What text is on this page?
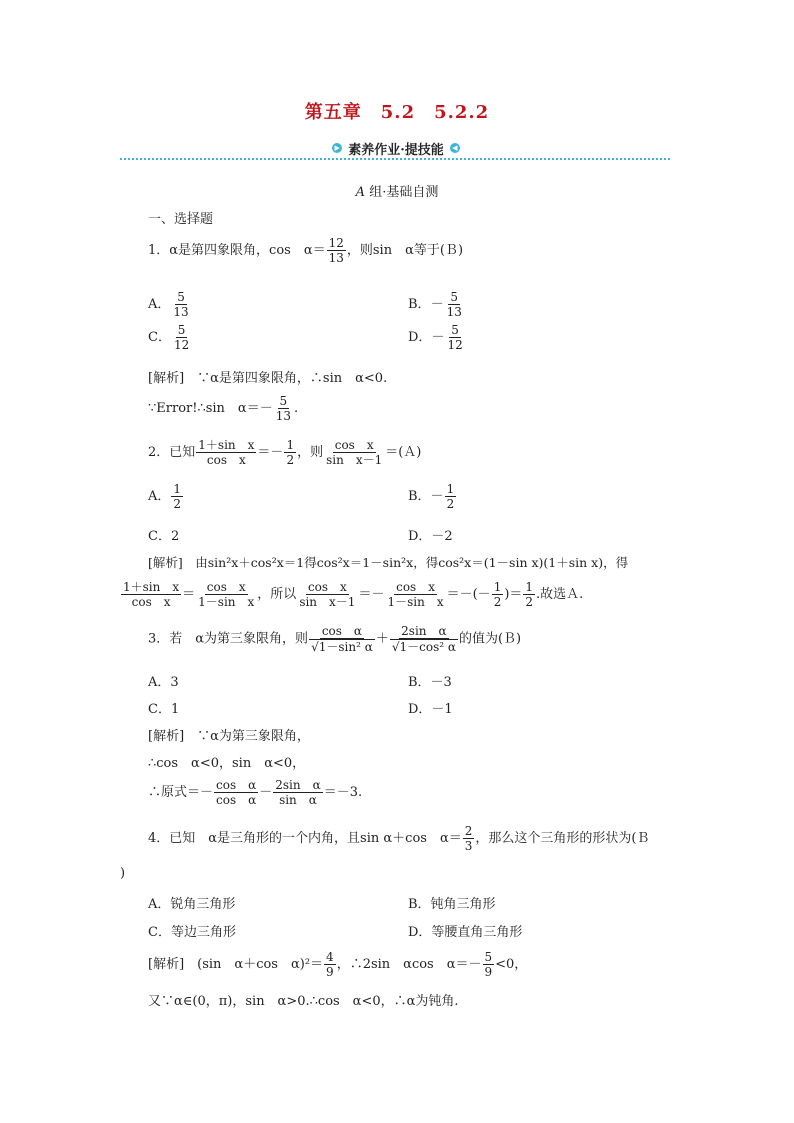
第五章　5.2　5.2.2
▶ 素养作业·提技能	◀
A 组·基础自测
一、选择题
1．α是第四象限角，cos　$\alpha= \frac{12}{13}$ ，则sin　α等于(Ｂ)
A． $\frac{5}{13}$	B．－ $\frac{5}{13}$
C． $\frac{5}{12}$	D．－ $\frac{5}{12}$
[解析]　∵α是第四象限角，∴sin　α<0.
∵Error!∴sin　$\alpha=- \frac{5}{13}$ .
2．已知 $\frac{\text{1＋sin　x}}{\text{cos　x}} =- \frac{1}{2}$ ，则 $\frac{\text{cos　x}}{\text{sin　x－1}}$ ＝(Ａ)
A． $\frac{1}{2}$	B．－ $\frac{1}{2}$
C．2	D．－2
[解析]　由sin²x＋cos²x＝1得cos²x＝1－sin²x，得cos²x＝(1－sin x)(1＋sin x)，得
$\frac{\text{1＋sin　x}}{\text{cos　x}} = \frac{\text{cos　x}}{\text{1－sin　x}}$ ，所以 $\frac{\text{cos　x}}{\text{sin　x－1}} =- \frac{\text{cos　x}}{\text{1－sin　x}}$ ＝－(－ $\frac{1}{2}$ )＝ $\frac{1}{2}$ .故选Ａ.
3．若　α为第三象限角，则 $\frac{\text{cos　α}}{\text{√1－sin² α}} + \frac{\text{2sin　α}}{\text{√1－cos² α}}$ 的值为(Ｂ)
A．3	B．－3
C．1	D．－1
[解析]　∵α为第三象限角，
∴cos　α<0，sin　α<0，
∴原式＝－ $\frac{\text{cos　α}}{\text{cos　α}} - \frac{\text{2sin　α}}{\text{sin　α}} =-3$.
4．已知　α是三角形的一个内角，且sin α＋cos　$\alpha= \frac{2}{3}$ ，那么这个三角形的形状为(Ｂ
)
A．锐角三角形	B．钝角三角形
C．等边三角形	D．等腰直角三角形
[解析]　(sin　α＋cos　$\alpha)^2= \frac{4}{9}$ ，∴2sin　αcos　$\alpha=- \frac{5}{9} <0$，
又∵α∈(0，π)，sin　α>0.∴cos　α<0，∴α为钝角.
